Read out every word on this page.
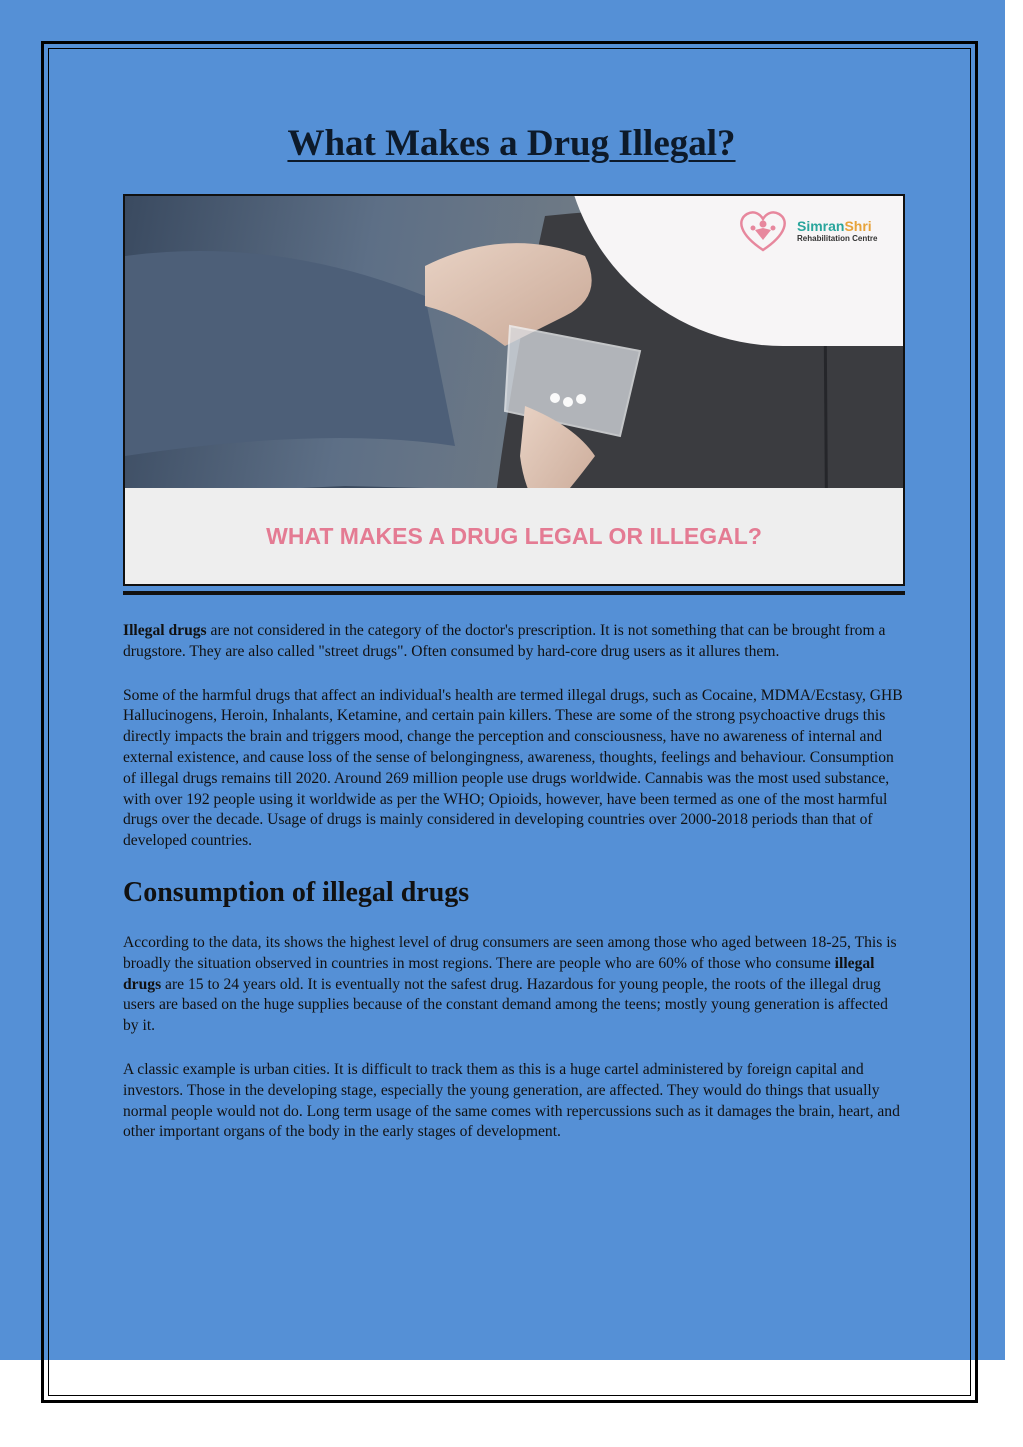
What Makes a Drug Illegal?
SimranShri
Rehabilitation Centre
WHAT MAKES A DRUG LEGAL OR ILLEGAL?

Illegal drugs are not considered in the category of the doctor's prescription. It is not something that can be brought from a drugstore. They are also called "street drugs". Often consumed by hard-core drug users as it allures them.

Some of the harmful drugs that affect an individual's health are termed illegal drugs, such as Cocaine, MDMA/Ecstasy, GHB Hallucinogens, Heroin, Inhalants, Ketamine, and certain pain killers. These are some of the strong psychoactive drugs this directly impacts the brain and triggers mood, change the perception and consciousness, have no awareness of internal and external existence, and cause loss of the sense of belongingness, awareness, thoughts, feelings and behaviour. Consumption of illegal drugs remains till 2020. Around 269 million people use drugs worldwide. Cannabis was the most used substance, with over 192 people using it worldwide as per the WHO; Opioids, however, have been termed as one of the most harmful drugs over the decade. Usage of drugs is mainly considered in developing countries over 2000-2018 periods than that of developed countries.

Consumption of illegal drugs

According to the data, its shows the highest level of drug consumers are seen among those who aged between 18-25, This is broadly the situation observed in countries in most regions. There are people who are 60% of those who consume illegal drugs are 15 to 24 years old. It is eventually not the safest drug. Hazardous for young people, the roots of the illegal drug users are based on the huge supplies because of the constant demand among the teens; mostly young generation is affected by it.

A classic example is urban cities. It is difficult to track them as this is a huge cartel administered by foreign capital and investors. Those in the developing stage, especially the young generation, are affected. They would do things that usually normal people would not do. Long term usage of the same comes with repercussions such as it damages the brain, heart, and other important organs of the body in the early stages of development.
